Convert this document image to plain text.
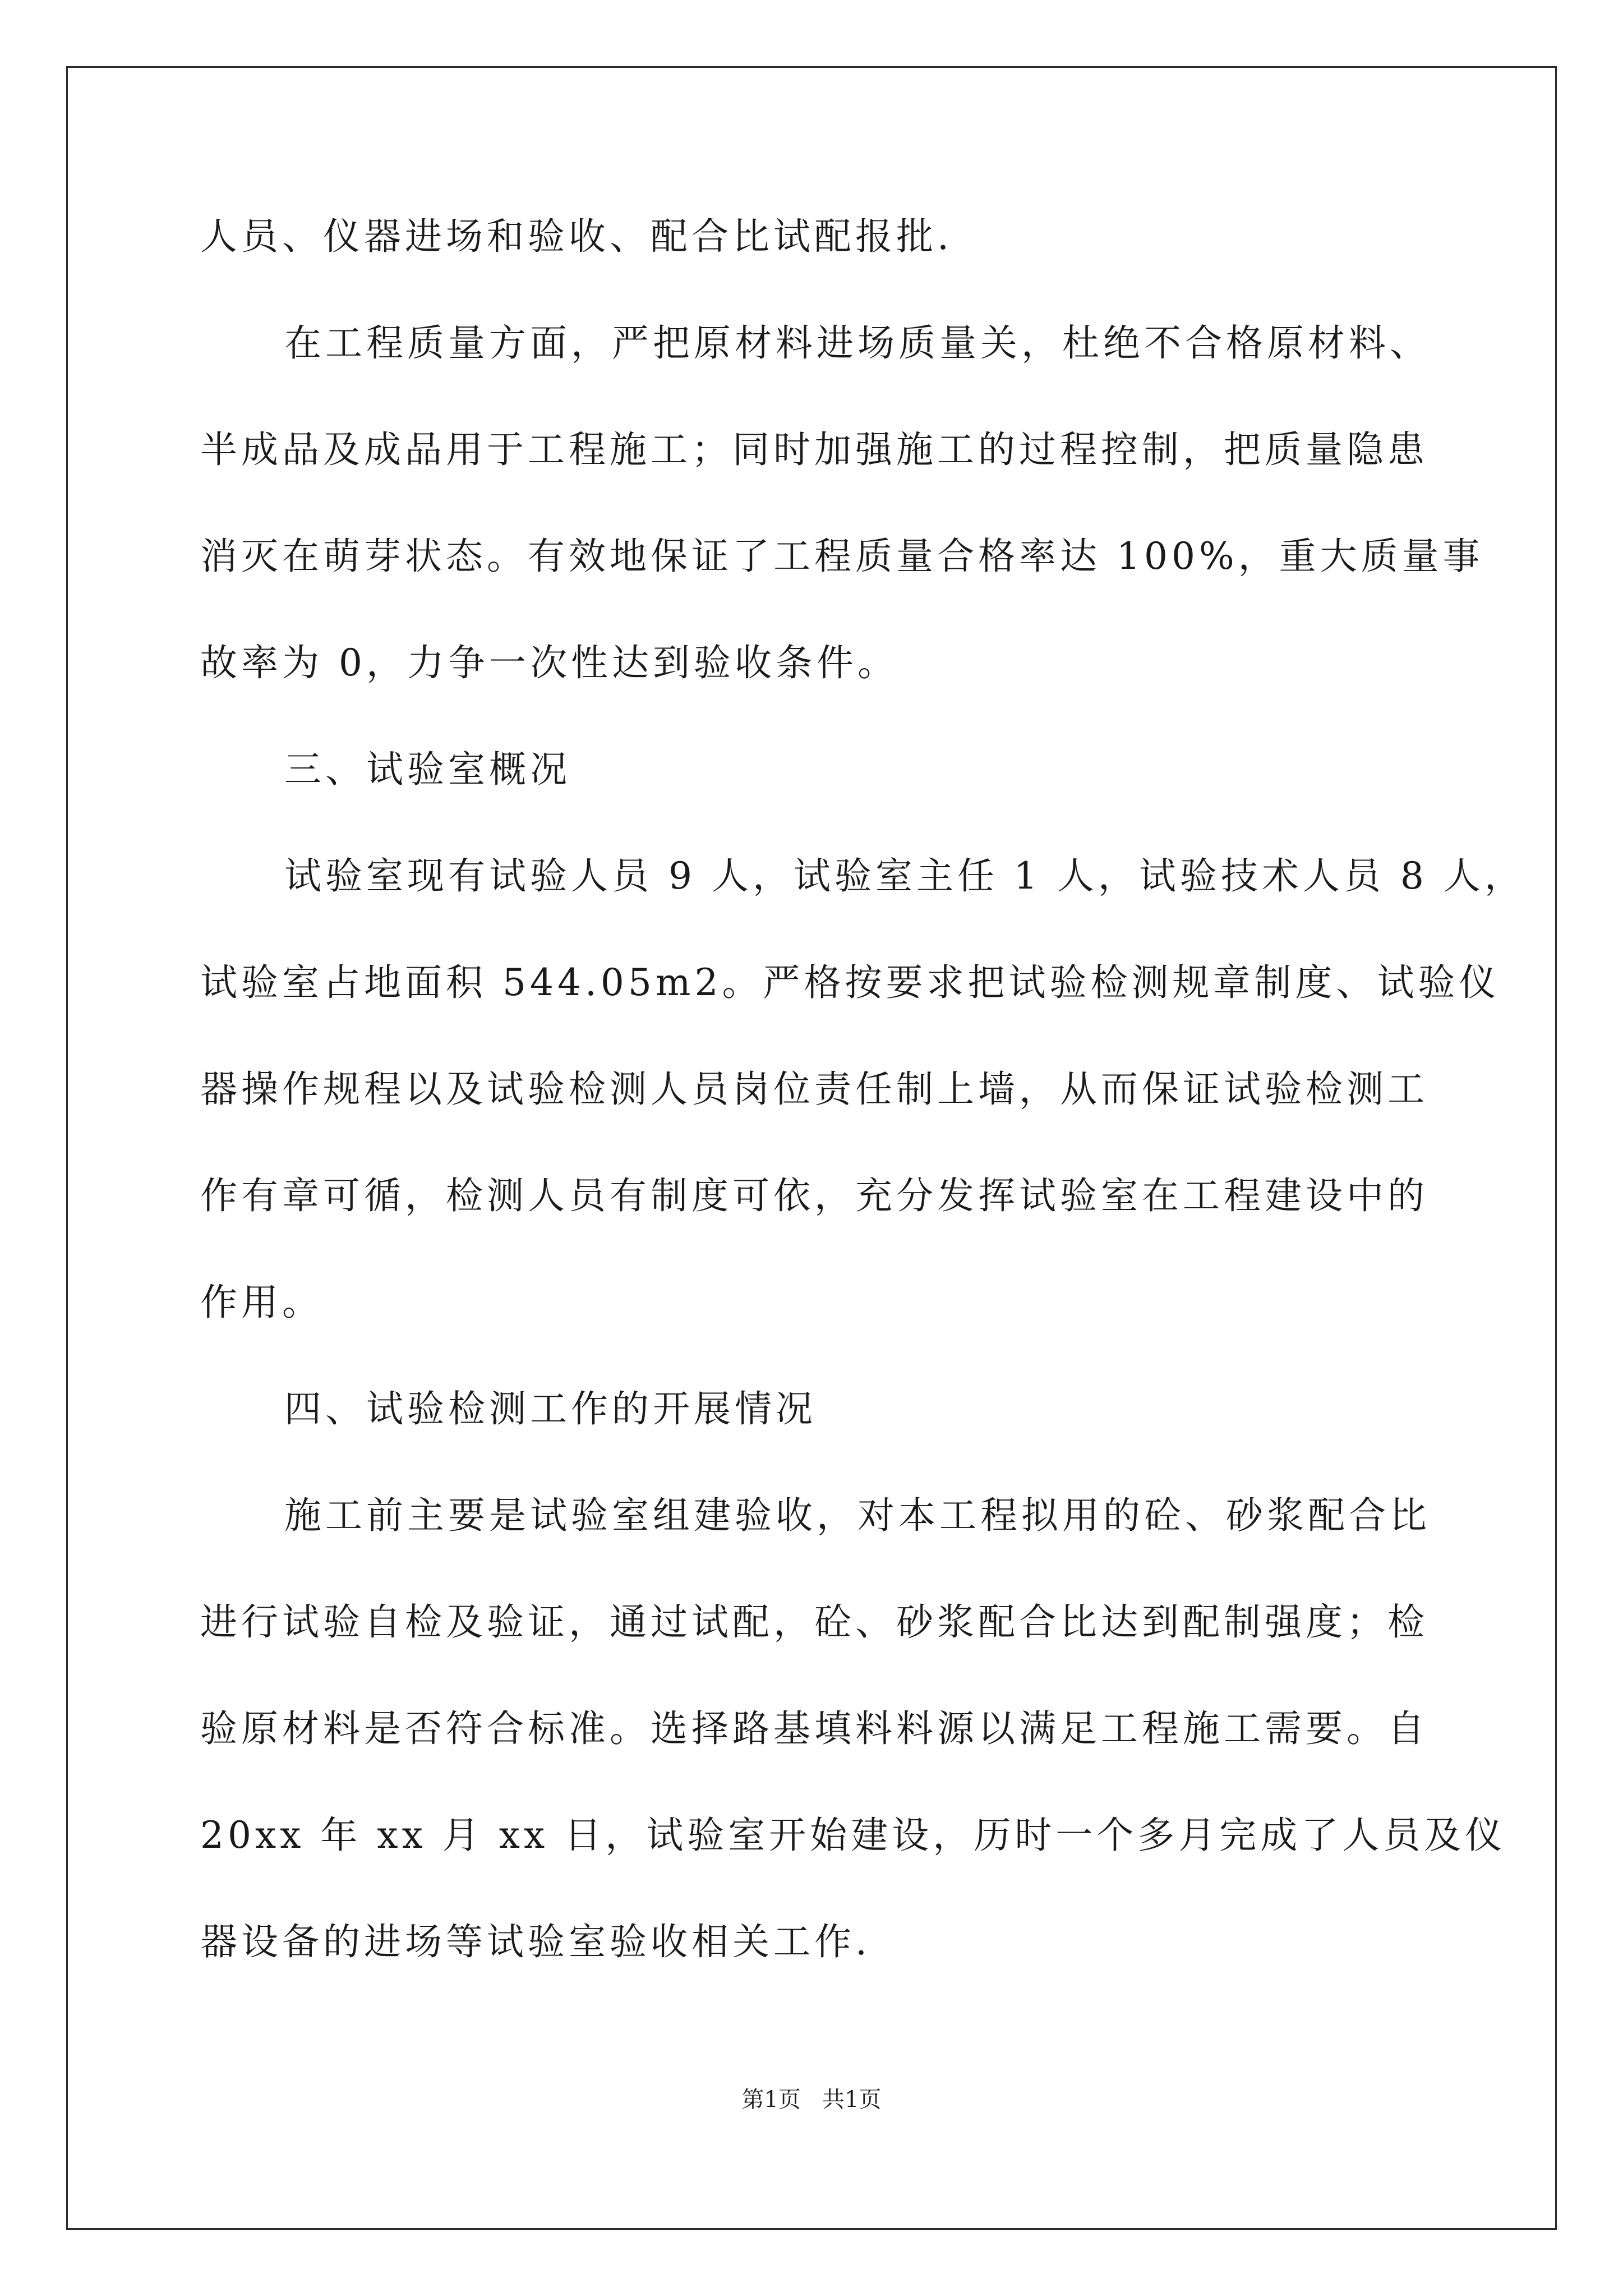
人员、仪器进场和验收、配合比试配报批.
在工程质量方面，严把原材料进场质量关，杜绝不合格原材料、
半成品及成品用于工程施工；同时加强施工的过程控制，把质量隐患
消灭在萌芽状态。有效地保证了工程质量合格率达 100%，重大质量事
故率为 0，力争一次性达到验收条件。
三、试验室概况
试验室现有试验人员 9 人，试验室主任 1 人，试验技术人员 8 人，
试验室占地面积 544.05m2。严格按要求把试验检测规章制度、试验仪
器操作规程以及试验检测人员岗位责任制上墙，从而保证试验检测工
作有章可循，检测人员有制度可依，充分发挥试验室在工程建设中的
作用。
四、试验检测工作的开展情况
施工前主要是试验室组建验收，对本工程拟用的砼、砂浆配合比
进行试验自检及验证，通过试配，砼、砂浆配合比达到配制强度；检
验原材料是否符合标准。选择路基填料料源以满足工程施工需要。自
20xx 年 xx 月 xx 日，试验室开始建设，历时一个多月完成了人员及仪
器设备的进场等试验室验收相关工作.
第1页   共1页
